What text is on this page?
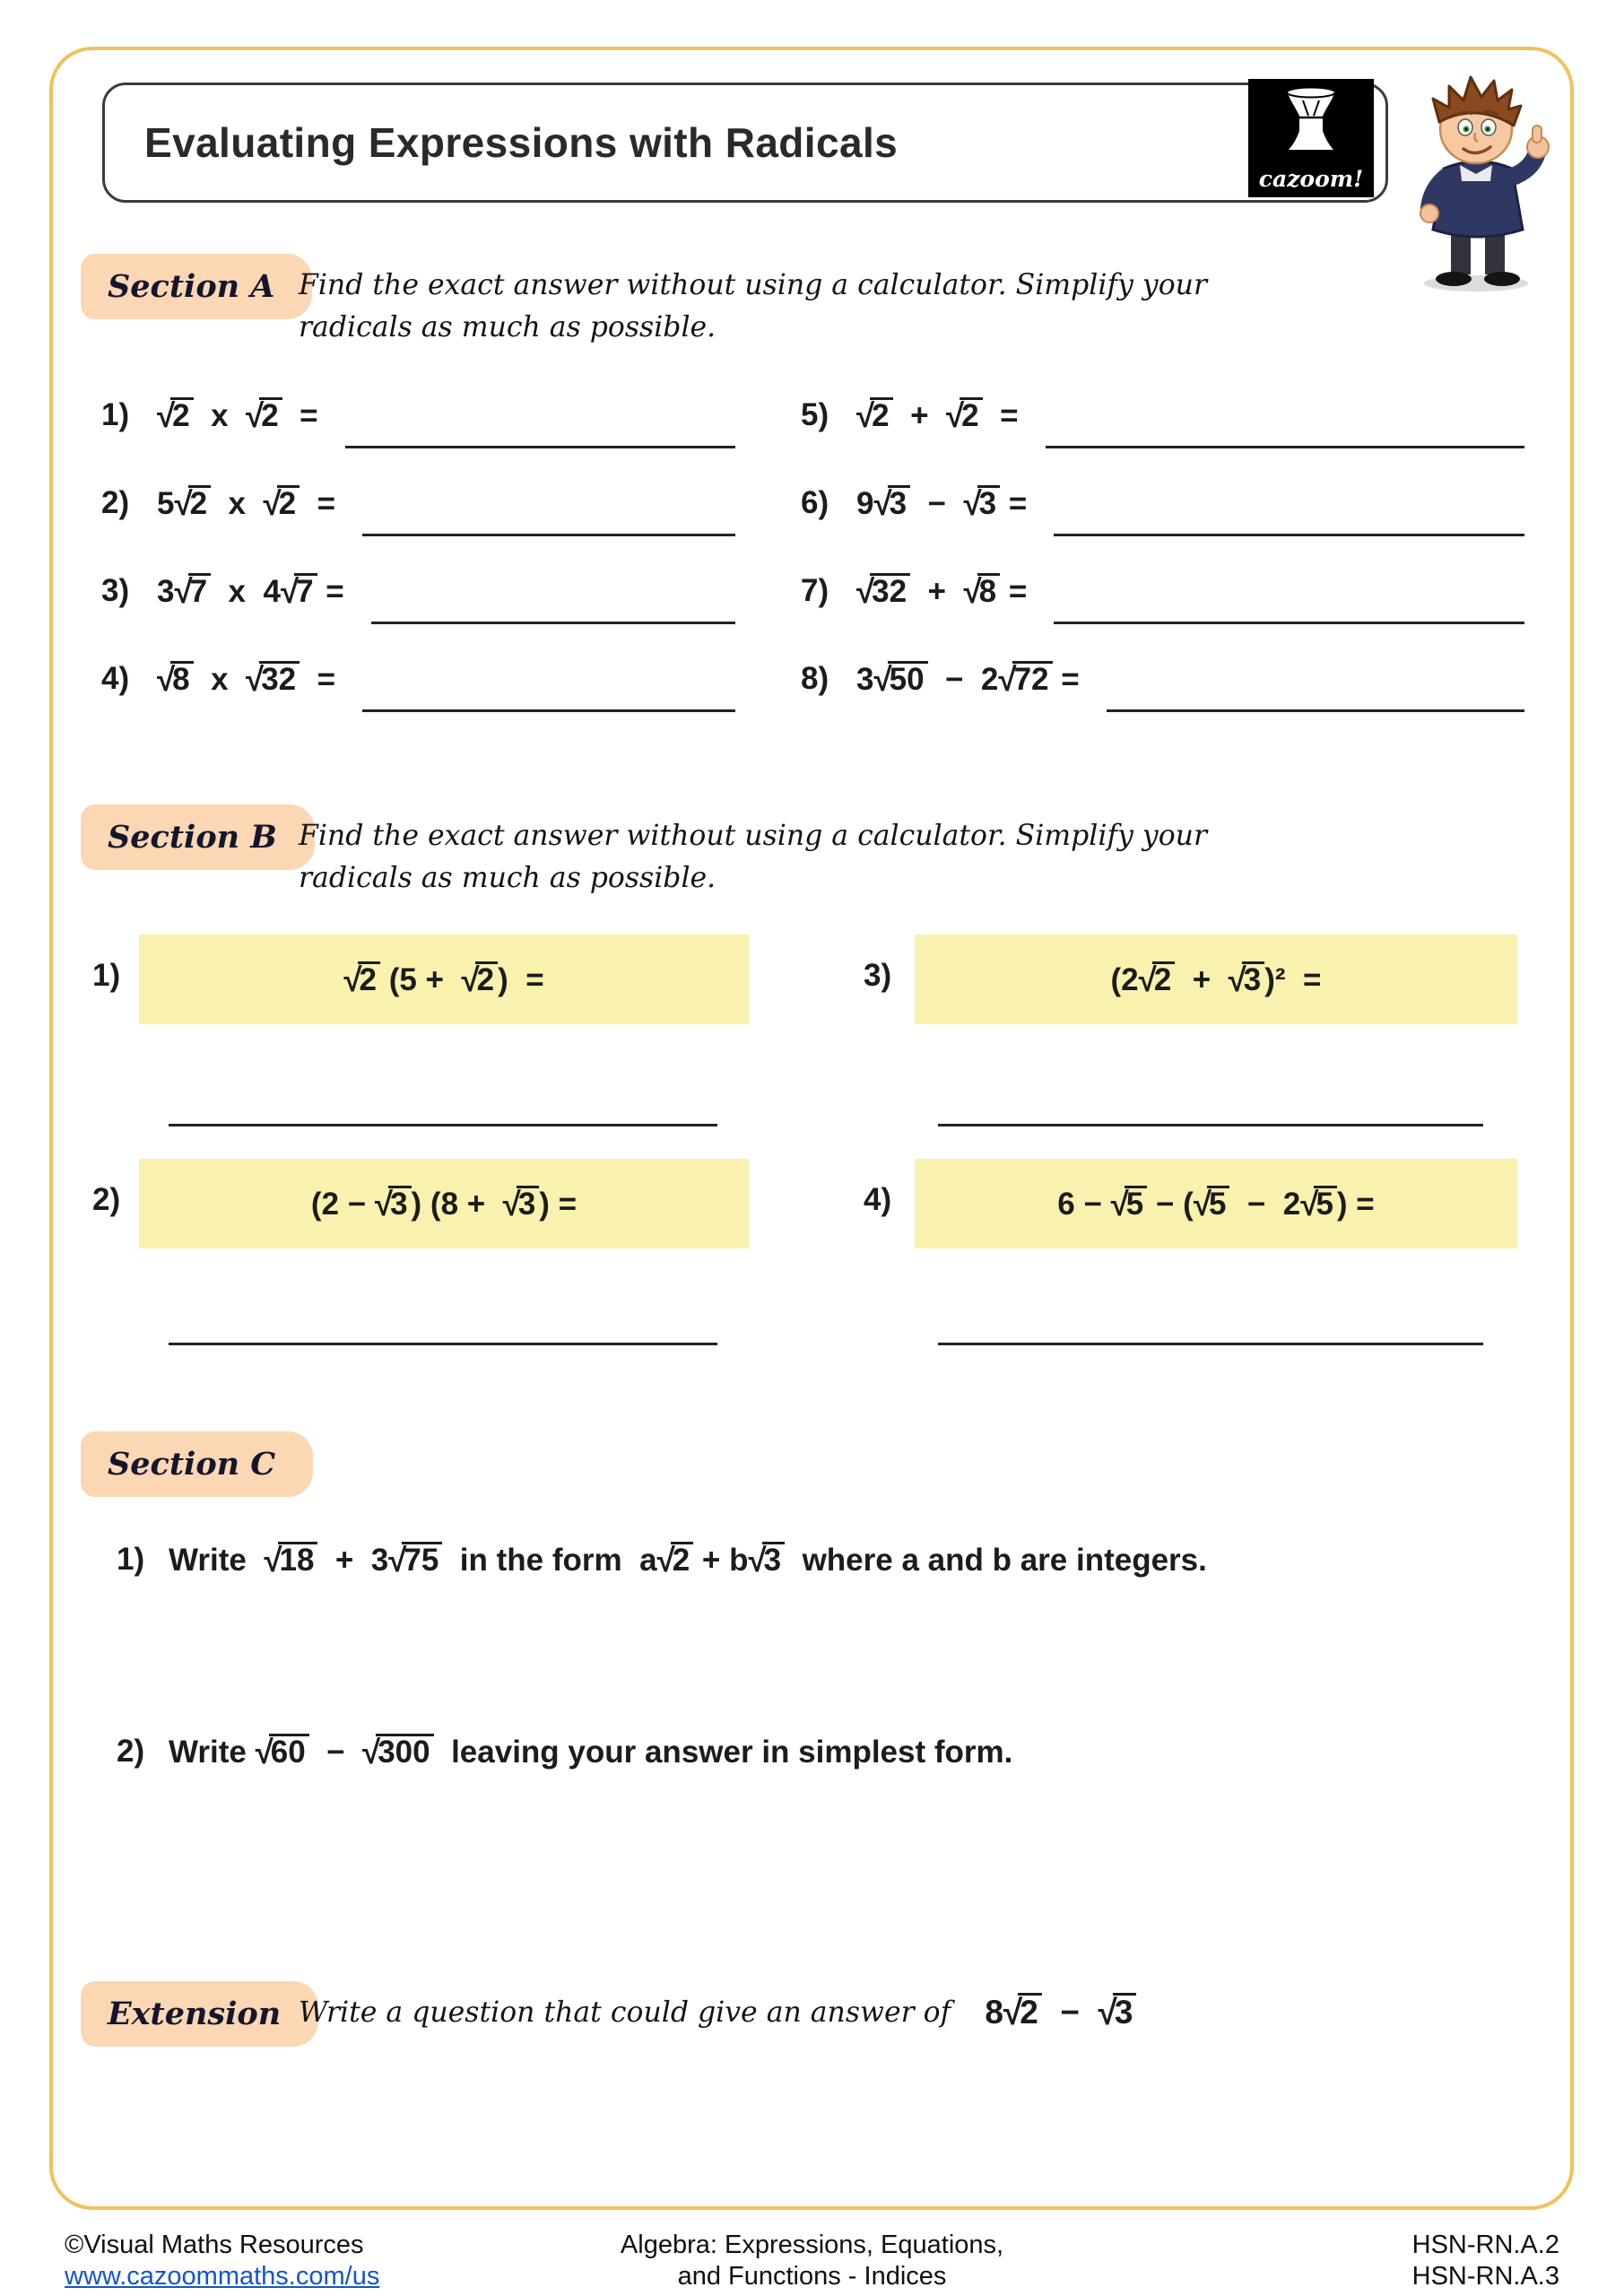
Evaluating Expressions with Radicals
cazoom!
Section A Find the exact answer without using a calculator. Simplify your
radicals as much as possible.
1) √2  x  √2  =
2) 5√2  x  √2  =
3) 3√7  x  4√7 =
4) √8  x  √32  =
5) √2  +  √2  =
6) 9√3  −  √3 =
7) √32  +  √8 =
8) 3√50  −  2√72 =
Section B Find the exact answer without using a calculator. Simplify your
radicals as much as possible.
1)	√2 (5 +  √2 )  =	3)	(2√2  +  √3 )²  =
2)	(2 − √3 ) (8 +  √3 ) =	4)	6 − √5 − (√5  −  2√5 ) =
Section C
1) Write  √18  +  3√75  in the form  a√2 + b√3  where a and b are integers.
2) Write √60  −  √300  leaving your answer in simplest form.
Extension Write a question that could give an answer of 8√2  −  √3
©Visual Maths Resources
www.cazoommaths.com/us
Algebra: Expressions, Equations,
and Functions - Indices
HSN-RN.A.2
HSN-RN.A.3
